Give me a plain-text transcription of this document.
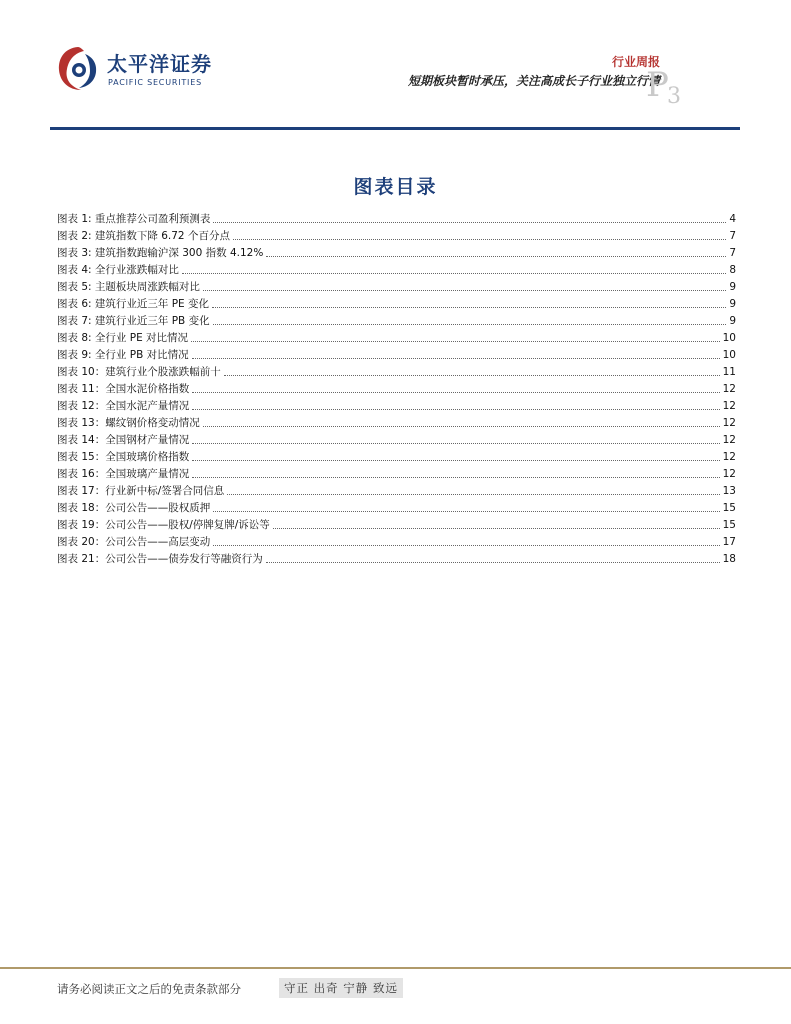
太平洋证券
PACIFIC SECURITIES
行业周报
短期板块暂时承压，关注高成长子行业独立行情
P
3
图表目录
图表 1: 重点推荐公司盈利预测表	4
图表 2: 建筑指数下降 6.72 个百分点	7
图表 3: 建筑指数跑输沪深 300 指数 4.12%	7
图表 4: 全行业涨跌幅对比	8
图表 5: 主题板块周涨跌幅对比	9
图表 6: 建筑行业近三年 PE 变化	9
图表 7: 建筑行业近三年 PB 变化	9
图表 8: 全行业 PE 对比情况	10
图表 9: 全行业 PB 对比情况	10
图表 10：建筑行业个股涨跌幅前十	11
图表 11：全国水泥价格指数	12
图表 12：全国水泥产量情况	12
图表 13：螺纹钢价格变动情况	12
图表 14：全国钢材产量情况	12
图表 15：全国玻璃价格指数	12
图表 16：全国玻璃产量情况	12
图表 17：行业新中标/签署合同信息	13
图表 18：公司公告——股权质押	15
图表 19：公司公告——股权/停牌复牌/诉讼等	15
图表 20：公司公告——高层变动	17
图表 21：公司公告——债券发行等融资行为	18
请务必阅读正文之后的免责条款部分	守正 出奇 宁静 致远
